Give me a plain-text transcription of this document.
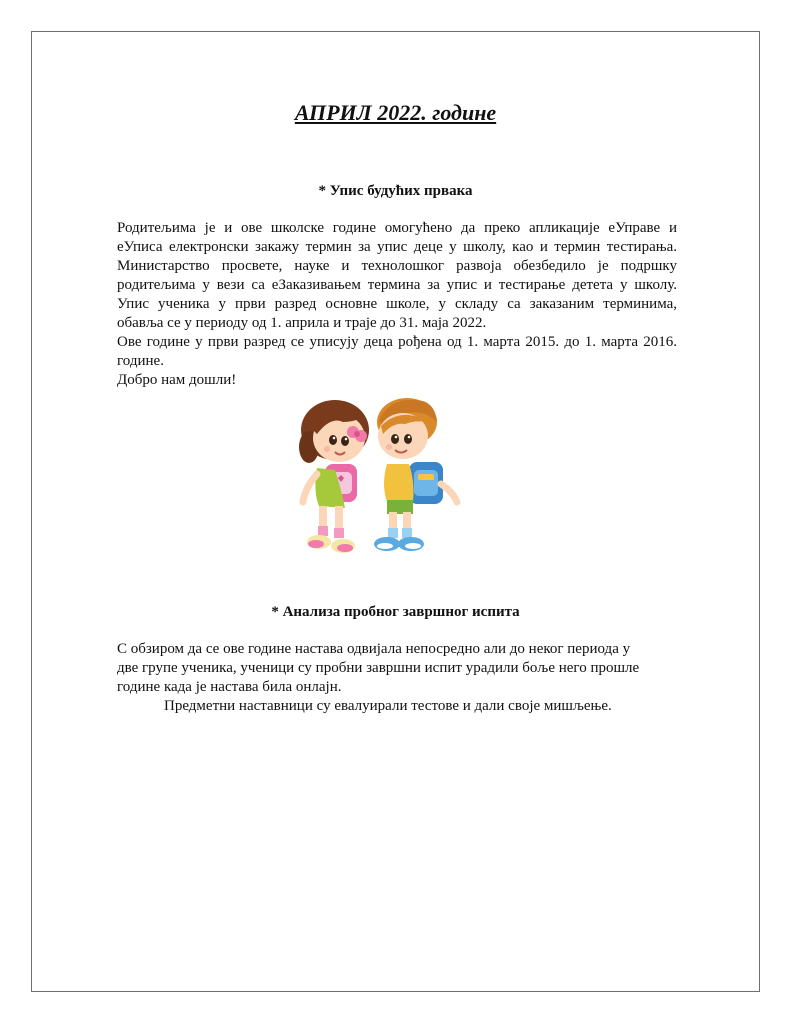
АПРИЛ 2022. године
* Упис будућих првака
Родитељима је и ове школске године омогућено да преко апликације еУправе и
еУписа електронски закажу термин за упис деце у школу, као и термин тестирања.
Министарство просвете, науке и технолошког развоја обезбедило је подршку
родитељима у вези са еЗаказивањем термина за упис и тестирање детета у школу.
Упис ученика у први разред основне школе, у складу са заказаним терминима,
обавља се у периоду од 1. априла и траје до 31. маја 2022.
Ове године у први разред се уписују деца рођена од 1. марта 2015. до 1. марта 2016.
године.
Добро нам дошли!
* Анализа пробног завршног испита
С обзиром да се ове године настава одвијала непосредно али до неког периода у
две групе ученика, ученици су пробни завршни испит урадили боље него прошле
године када је настава била онлајн.
Предметни наставници су евалуирали тестове и дали своје мишљење.
